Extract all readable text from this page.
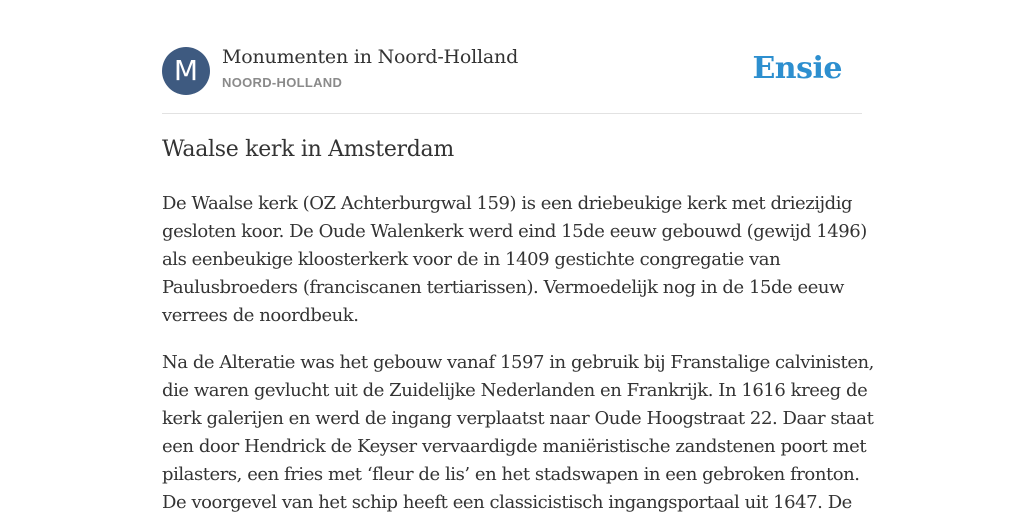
M	Monumenten in Noord-Holland
NOORD-HOLLAND	Ensie
Waalse kerk in Amsterdam

De Waalse kerk (OZ Achterburgwal 159) is een driebeukige kerk met driezijdig
gesloten koor. De Oude Walenkerk werd eind 15de eeuw gebouwd (gewijd 1496)
als eenbeukige kloosterkerk voor de in 1409 gestichte congregatie van
Paulusbroeders (franciscanen tertiarissen). Vermoedelijk nog in de 15de eeuw
verrees de noordbeuk.

Na de Alteratie was het gebouw vanaf 1597 in gebruik bij Franstalige calvinisten,
die waren gevlucht uit de Zuidelijke Nederlanden en Frankrijk. In 1616 kreeg de
kerk galerijen en werd de ingang verplaatst naar Oude Hoogstraat 22. Daar staat
een door Hendrick de Keyser vervaardigde maniëristische zandstenen poort met
pilasters, een fries met ‘fleur de lis’ en het stadswapen in een gebroken fronton.
De voorgevel van het schip heeft een classicistisch ingangsportaal uit 1647. De
